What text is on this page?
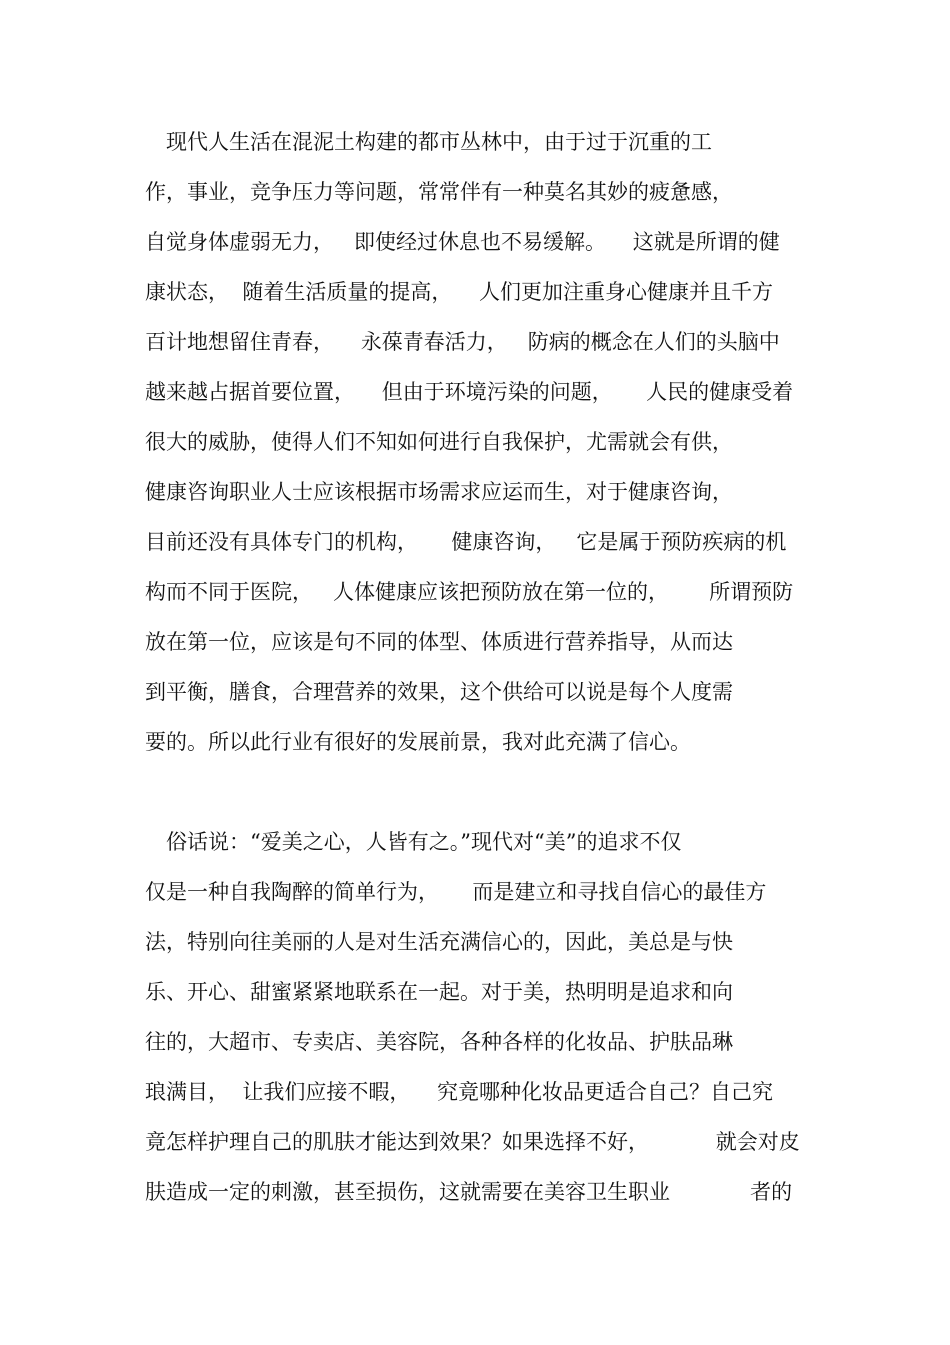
现代人生活在混泥土构建的都市丛林中，由于过于沉重的工
作，事业，竞争压力等问题，常常伴有一种莫名其妙的疲惫感，
自觉身体虚弱无力，   即使经过休息也不易缓解。    这就是所谓的健
康状态，  随着生活质量的提高，    人们更加注重身心健康并且千方
百计地想留住青春，    永葆青春活力，   防病的概念在人们的头脑中
越来越占据首要位置，    但由于环境污染的问题，     人民的健康受着
很大的威胁，使得人们不知如何进行自我保护，尤需就会有供，
健康咨询职业人士应该根据市场需求应运而生，对于健康咨询，
目前还没有具体专门的机构，     健康咨询，   它是属于预防疾病的机
构而不同于医院，   人体健康应该把预防放在第一位的，      所谓预防
放在第一位，应该是句不同的体型、体质进行营养指导，从而达
到平衡，膳食，合理营养的效果，这个供给可以说是每个人度需
要的。所以此行业有很好的发展前景，我对此充满了信心。
俗话说：“爱美之心，人皆有之。”现代对“美”的追求不仅
仅是一种自我陶醉的简单行为，     而是建立和寻找自信心的最佳方
法，特别向往美丽的人是对生活充满信心的，因此，美总是与快
乐、开心、甜蜜紧紧地联系在一起。对于美，热明明是追求和向
往的，大超市、专卖店、美容院，各种各样的化妆品、护肤品琳
琅满目，  让我们应接不暇，    究竟哪种化妆品更适合自己？自己究
竟怎样护理自己的肌肤才能达到效果？如果选择不好，          就会对皮
肤造成一定的刺激，甚至损伤，这就需要在美容卫生职业            者的
